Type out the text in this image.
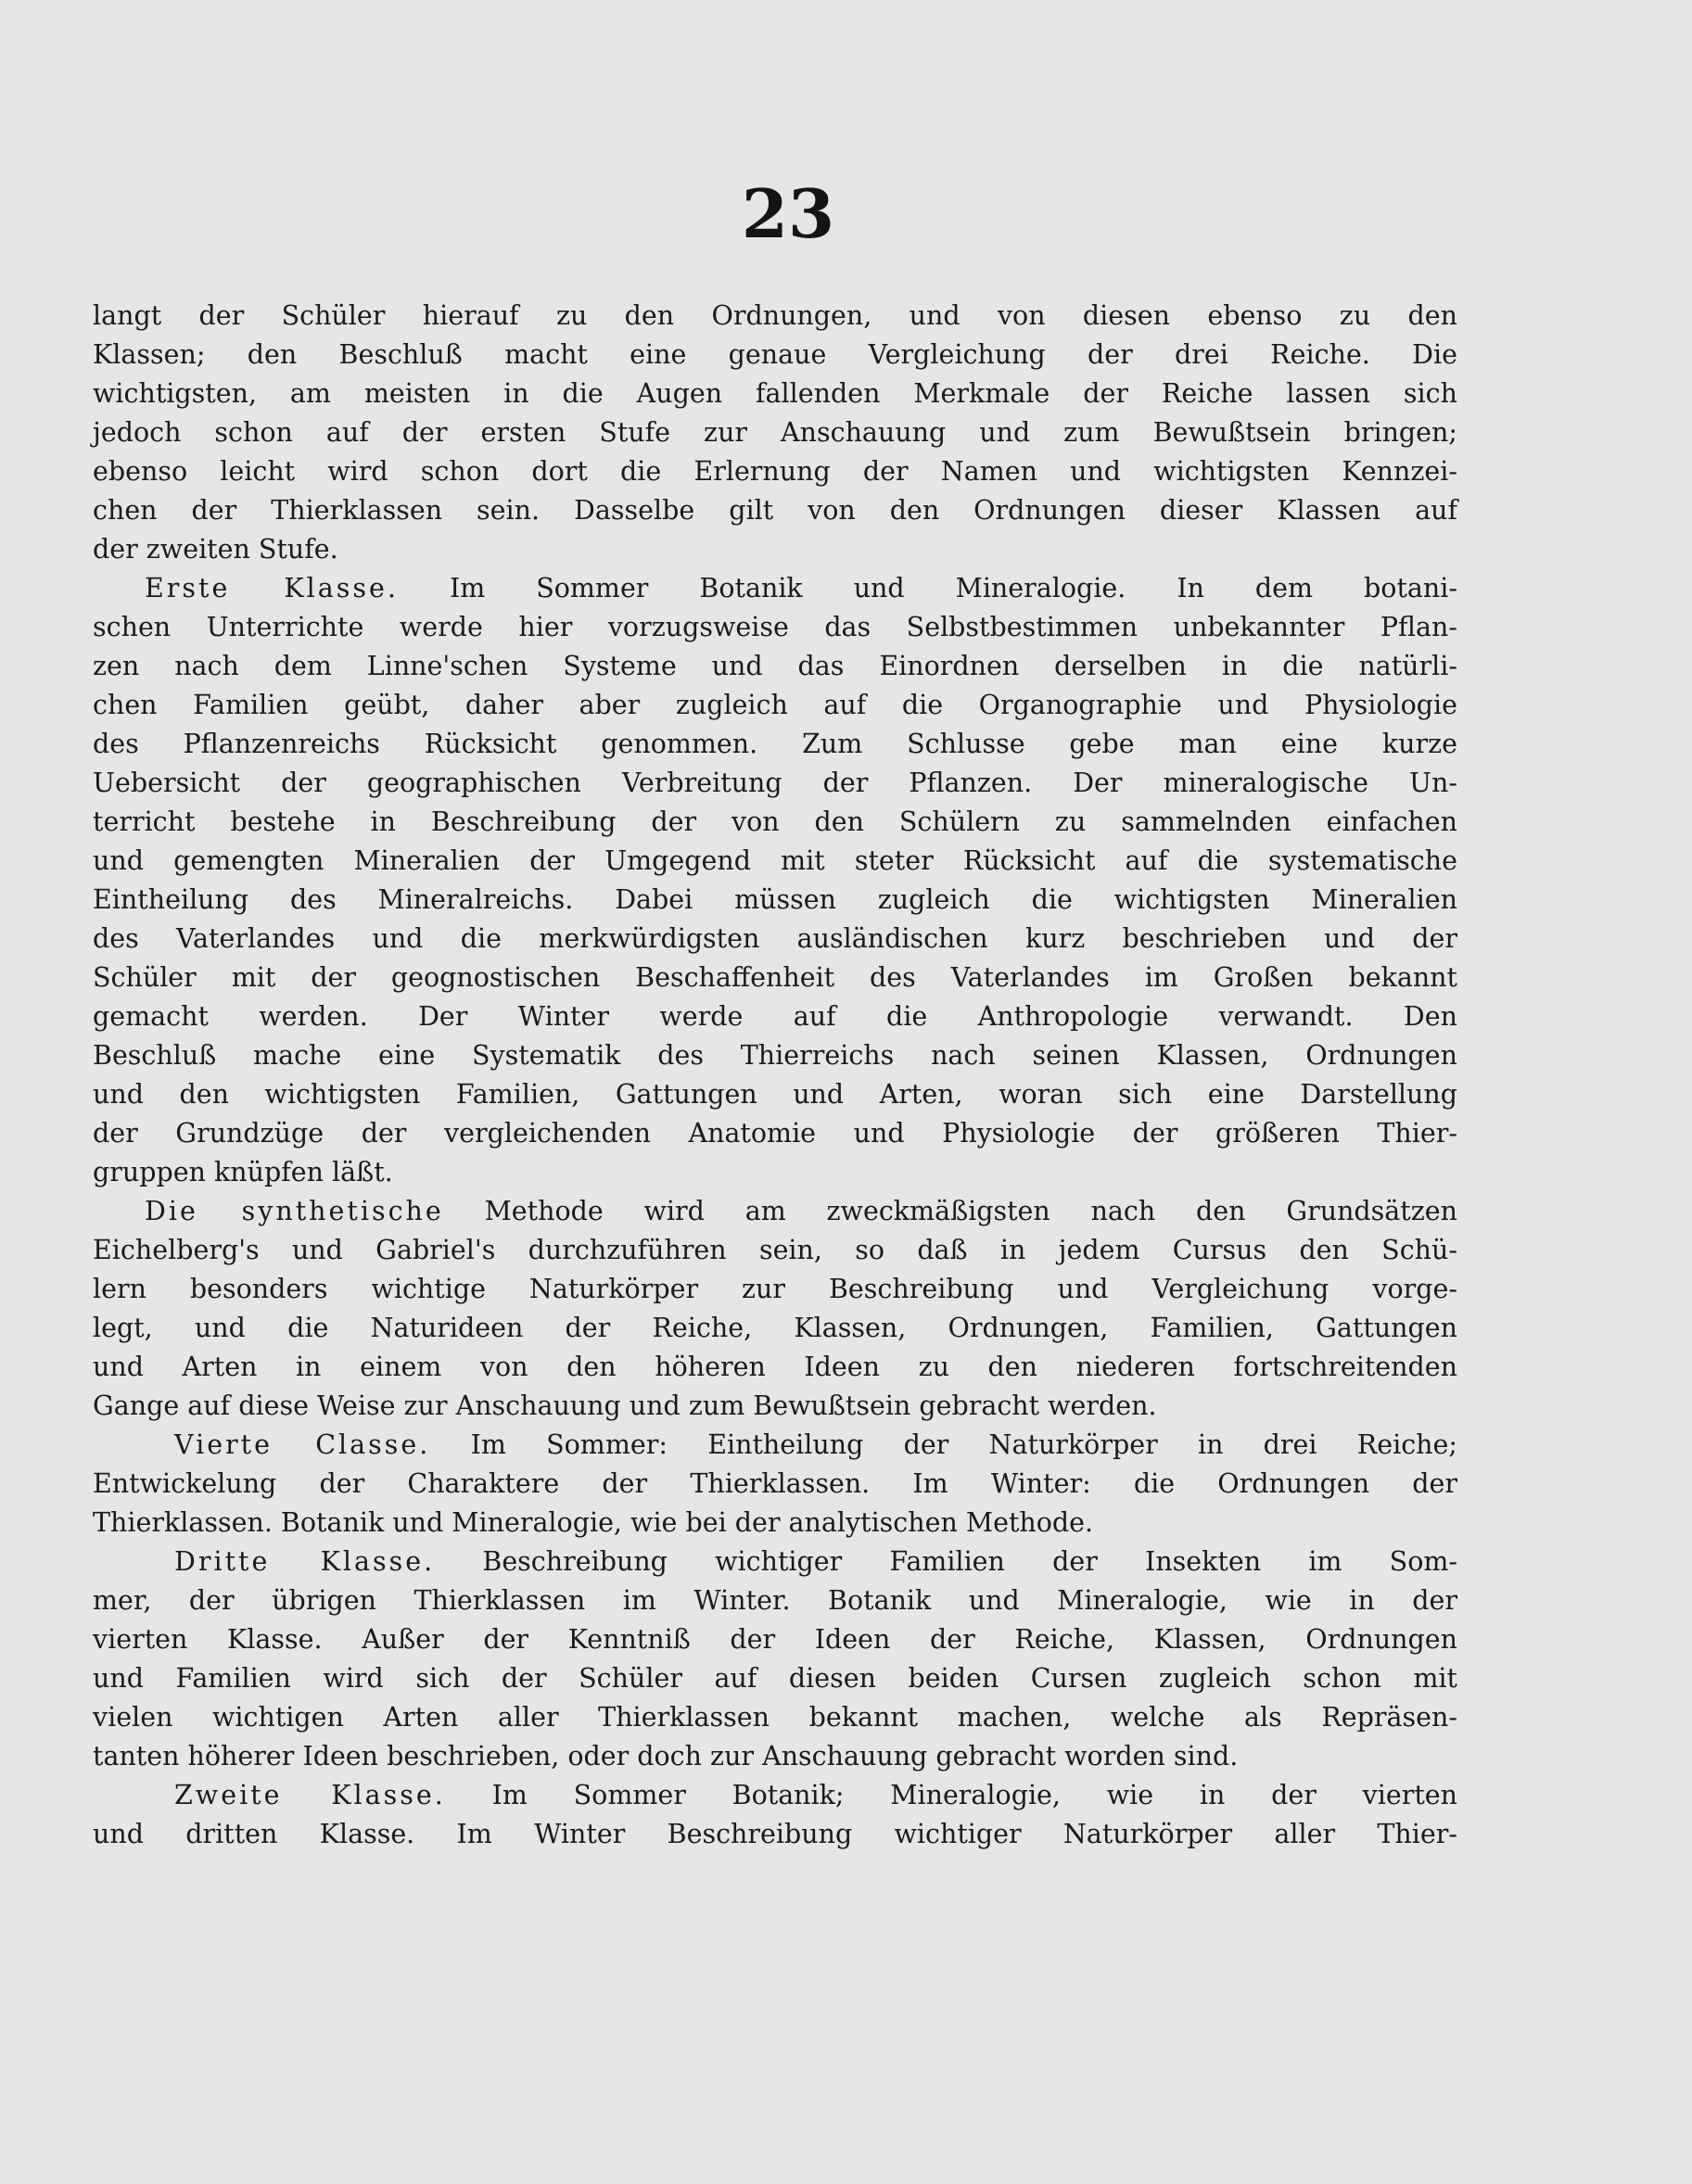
23
langt der Schüler hierauf zu den Ordnungen, und von diesen ebenso zu den
Klassen; den Beschluß macht eine genaue Vergleichung der drei Reiche. Die
wichtigsten, am meisten in die Augen fallenden Merkmale der Reiche lassen sich
jedoch schon auf der ersten Stufe zur Anschauung und zum Bewußtsein bringen;
ebenso leicht wird schon dort die Erlernung der Namen und wichtigsten Kennzei-
chen der Thierklassen sein. Dasselbe gilt von den Ordnungen dieser Klassen auf
der zweiten Stufe.
Erste Klasse. Im Sommer Botanik und Mineralogie. In dem botani-
schen Unterrichte werde hier vorzugsweise das Selbstbestimmen unbekannter Pflan-
zen nach dem Linne'schen Systeme und das Einordnen derselben in die natürli-
chen Familien geübt, daher aber zugleich auf die Organographie und Physiologie
des Pflanzenreichs Rücksicht genommen. Zum Schlusse gebe man eine kurze
Uebersicht der geographischen Verbreitung der Pflanzen. Der mineralogische Un-
terricht bestehe in Beschreibung der von den Schülern zu sammelnden einfachen
und gemengten Mineralien der Umgegend mit steter Rücksicht auf die systematische
Eintheilung des Mineralreichs. Dabei müssen zugleich die wichtigsten Mineralien
des Vaterlandes und die merkwürdigsten ausländischen kurz beschrieben und der
Schüler mit der geognostischen Beschaffenheit des Vaterlandes im Großen bekannt
gemacht werden. Der Winter werde auf die Anthropologie verwandt. Den
Beschluß mache eine Systematik des Thierreichs nach seinen Klassen, Ordnungen
und den wichtigsten Familien, Gattungen und Arten, woran sich eine Darstellung
der Grundzüge der vergleichenden Anatomie und Physiologie der größeren Thier-
gruppen knüpfen läßt.
Die synthetische Methode wird am zweckmäßigsten nach den Grundsätzen
Eichelberg's und Gabriel's durchzuführen sein, so daß in jedem Cursus den Schü-
lern besonders wichtige Naturkörper zur Beschreibung und Vergleichung vorge-
legt, und die Naturideen der Reiche, Klassen, Ordnungen, Familien, Gattungen
und Arten in einem von den höheren Ideen zu den niederen fortschreitenden
Gange auf diese Weise zur Anschauung und zum Bewußtsein gebracht werden.
Vierte Classe. Im Sommer: Eintheilung der Naturkörper in drei Reiche;
Entwickelung der Charaktere der Thierklassen. Im Winter: die Ordnungen der
Thierklassen. Botanik und Mineralogie, wie bei der analytischen Methode.
Dritte Klasse. Beschreibung wichtiger Familien der Insekten im Som-
mer, der übrigen Thierklassen im Winter. Botanik und Mineralogie, wie in der
vierten Klasse. Außer der Kenntniß der Ideen der Reiche, Klassen, Ordnungen
und Familien wird sich der Schüler auf diesen beiden Cursen zugleich schon mit
vielen wichtigen Arten aller Thierklassen bekannt machen, welche als Repräsen-
tanten höherer Ideen beschrieben, oder doch zur Anschauung gebracht worden sind.
Zweite Klasse. Im Sommer Botanik; Mineralogie, wie in der vierten
und dritten Klasse. Im Winter Beschreibung wichtiger Naturkörper aller Thier-
